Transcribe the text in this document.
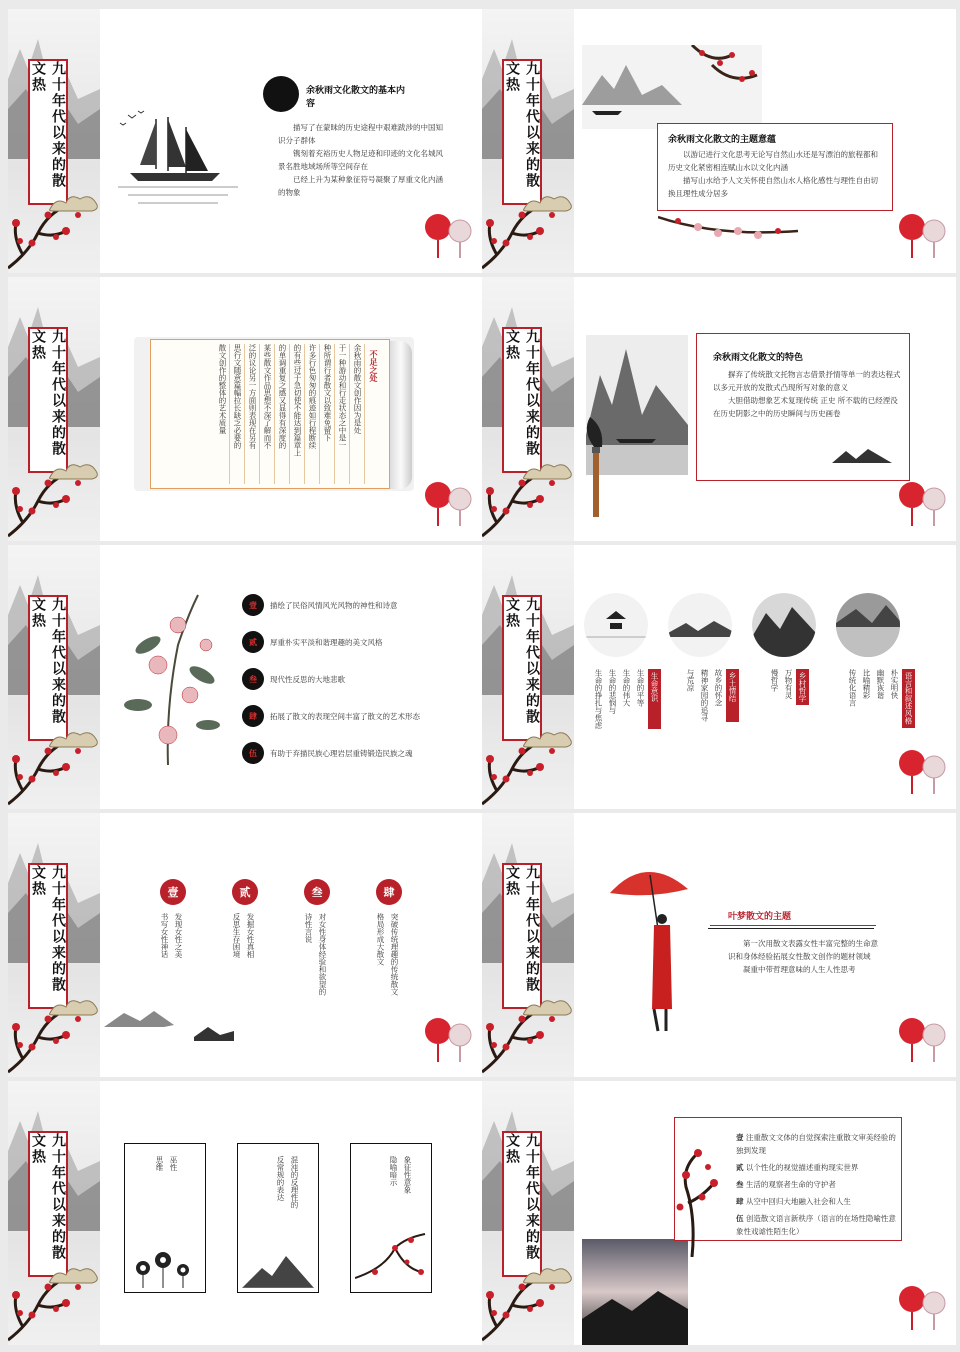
九十年代以来的散文热	余秋雨文化散文的基本内容

描写了在蒙昧的历史途程中艰难跋涉的中国知识分子群体

镌刻着充裕历史人物足迹和印迹的文化名城风景名胜地域场所等空间存在

已经上升为某种象征符号凝聚了厚重文化内涵的物象

九十年代以来的散文热

余秋雨文化散文的主题意蕴

以游记进行文化思考无论写自然山水还是写漂泊的旅程都和历史文化紧密相连赋山水以文化内涵

描写山水给予人文关怀使自然山水人格化感性与理性自由切换且理性成分居多

九十年代以来的散文热
不足之处
余秋雨的散文创作因为是处
于一种游动和行走状态之中是一
种所谓行者散文以致难免留下
许多行色匆匆的痕迹如行程断续
的有些过于急切使不能达到篇章上
的单调重复之感又显得有深度的
某些散文作品思想不深了解而不
泛的议论另一方面则表现在另有
思行文随意篇幅拉长缺乏必要的
散文创作的整体的艺术质量	九十年代以来的散文热	余秋雨文化散文的特色

摒弃了传统散文托物言志借景抒情等单一的表达程式以多元开放的发散式凸现所写对象的意义

大胆借助想象艺术复现传统 正史 所不载的已经湮没在历史阴影之中的历史瞬间与历史画卷

九十年代以来的散文热	壹 描绘了民俗风情风光风物的神性和诗意

贰 厚重朴实平淡和谐理趣的美文风格

叁 现代性反思的大地悲歌

肆 拓展了散文的表现空间丰富了散文的艺术形态

伍 有助于弃描民族心理岩层重铸锻造民族之魂

九十年代以来的散文热
生命意识
生命的平等
生命的伟大
生命的悲悯与
生命的挣扎与焦虑	乡土情结
故乡的怀念
精神家园的追寻
与荒凉	乡村哲学
万物有灵
慢哲学	语言和叙述风格
朴实明快
幽默诙谐
比喻精彩
传统化语言
九十年代以来的散文热	壹
发现女性之美
书写女性神话
贰
发掘女性真相
反思生存困境
叁
对女性身体经验和欲望的
诗性言说
肆
突破传统理趣的传统散文
格局形成大散文	九十年代以来的散文热

叶梦散文的主题

第一次用散文表露女性丰富完整的生命意识和身体经验拓展女性散文创作的题材领域

凝重中带哲理意味的人生人性思考

九十年代以来的散文热	巫性
思维	混沌的反理性的
反常规的表达	象征性意象
隐喻暗示	九十年代以来的散文热	壹 注重散文文体的自觉探索注重散文审美经验的独到发现

贰 以个性化的视觉描述重构现实世界

叁 生活的观察者生命的守护者

肆 从空中回归大地融入社会和人生

伍 创造散文语言新秩序（语言的在场性隐喻性意象性戏谑性陌生化）
